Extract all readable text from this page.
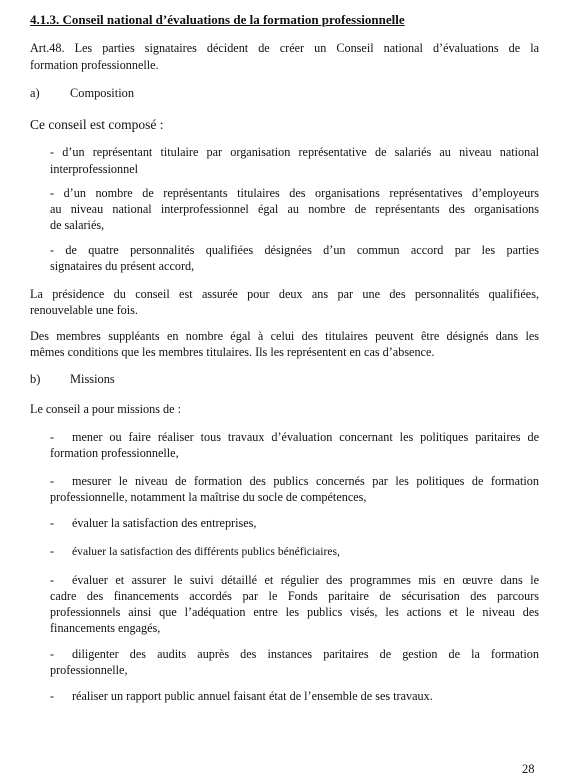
4.1.3. Conseil national d’évaluations de la formation professionnelle
Art.48. Les parties signataires décident de créer un Conseil national d’évaluations de la
formation professionnelle.
a) Composition
Ce conseil est composé :
- d’un représentant titulaire par organisation représentative de salariés au niveau national
interprofessionnel
- d’un nombre de représentants titulaires des organisations représentatives d’employeurs
au niveau national interprofessionnel égal au nombre de représentants des organisations
de salariés,
- de quatre personnalités qualifiées désignées d’un commun accord par les parties
signataires du présent accord,
La présidence du conseil est assurée pour deux ans par une des personnalités qualifiées,
renouvelable une fois.
Des membres suppléants en nombre égal à celui des titulaires peuvent être désignés dans les
mêmes conditions que les membres titulaires. Ils les représentent en cas d’absence.
b) Missions
Le conseil a pour missions de :
- mener ou faire réaliser tous travaux d’évaluation concernant les politiques paritaires de
formation professionnelle,
- mesurer le niveau de formation des publics concernés par les politiques de formation
professionnelle, notamment la maîtrise du socle de compétences,
- évaluer la satisfaction des entreprises,
- évaluer la satisfaction des différents publics bénéficiaires,
- évaluer et assurer le suivi détaillé et régulier des programmes mis en œuvre dans le
cadre des financements accordés par le Fonds paritaire de sécurisation des parcours
professionnels ainsi que l’adéquation entre les publics visés, les actions et le niveau des
financements engagés,
- diligenter des audits auprès des instances paritaires de gestion de la formation
professionnelle,
- réaliser un rapport public annuel faisant état de l’ensemble de ses travaux.
28
